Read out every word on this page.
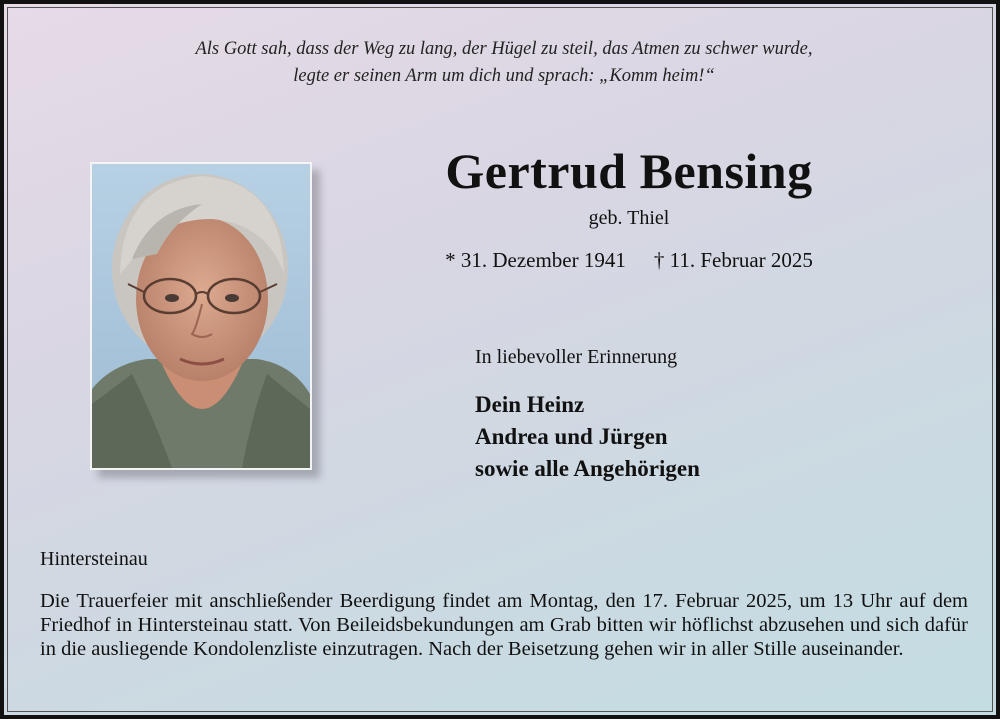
Als Gott sah, dass der Weg zu lang, der Hügel zu steil, das Atmen zu schwer wurde,
legte er seinen Arm um dich und sprach: „Komm heim!“
Gertrud Bensing
geb. Thiel
* 31. Dezember 1941 † 11. Februar 2025
In liebevoller Erinnerung
Dein Heinz
Andrea und Jürgen
sowie alle Angehörigen
Hintersteinau
Die Trauerfeier mit anschließender Beerdigung findet am Montag, den 17. Februar 2025, um 13 Uhr auf dem Friedhof in Hintersteinau statt. Von Beileidsbekundungen am Grab bitten wir höflichst abzusehen und sich dafür in die ausliegende Kondolenzliste einzutragen. Nach der Beisetzung gehen wir in aller Stille auseinander.
